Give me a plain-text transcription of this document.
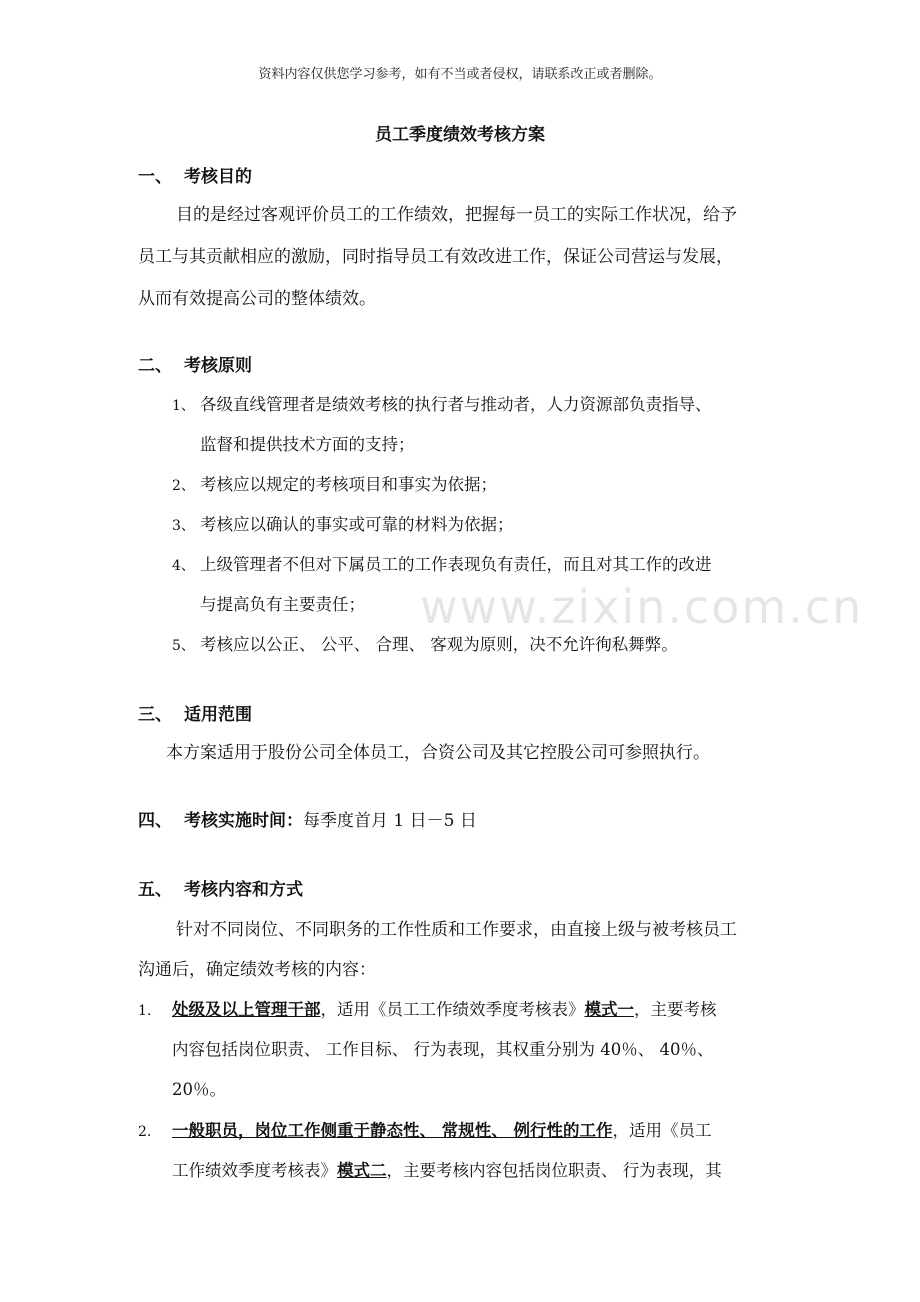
资料内容仅供您学习参考，如有不当或者侵权，请联系改正或者删除。
员工季度绩效考核方案
www.zixin.com.cn
一、 考核目的
目的是经过客观评价员工的工作绩效，把握每一员工的实际工作状况，给予
员工与其贡献相应的激励，同时指导员工有效改进工作，保证公司营运与发展，
从而有效提高公司的整体绩效。
二、 考核原则
1、 各级直线管理者是绩效考核的执行者与推动者，人力资源部负责指导、
监督和提供技术方面的支持；
2、 考核应以规定的考核项目和事实为依据；
3、 考核应以确认的事实或可靠的材料为依据；
4、 上级管理者不但对下属员工的工作表现负有责任，而且对其工作的改进
与提高负有主要责任；
5、 考核应以公正、 公平、 合理、 客观为原则，决不允许徇私舞弊。
三、 适用范围
本方案适用于股份公司全体员工，合资公司及其它控股公司可参照执行。
四、 考核实施时间：每季度首月 1 日－5 日
五、 考核内容和方式
针对不同岗位、不同职务的工作性质和工作要求，由直接上级与被考核员工
沟通后，确定绩效考核的内容：
1. 处级及以上管理干部，适用《员工工作绩效季度考核表》模式一，主要考核
内容包括岗位职责、 工作目标、 行为表现，其权重分别为 40％、 40％、
20％。
2. 一般职员，岗位工作侧重于静态性、 常规性、 例行性的工作，适用《员工
工作绩效季度考核表》模式二，主要考核内容包括岗位职责、 行为表现，其
